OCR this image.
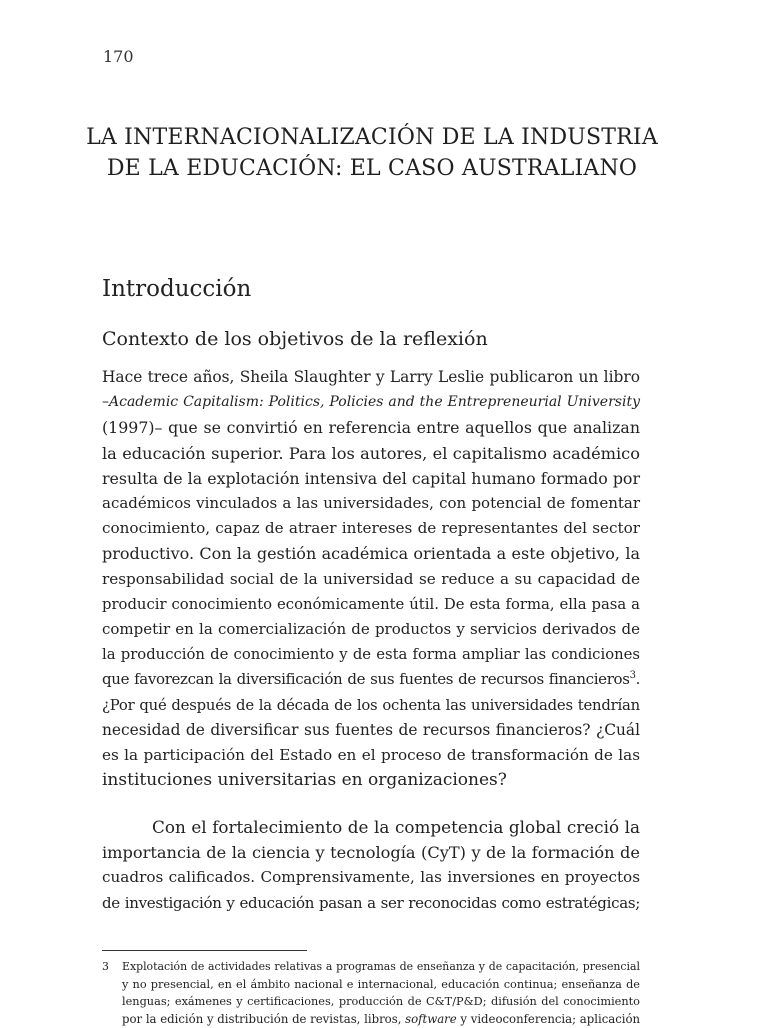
170
LA INTERNACIONALIZACIÓN DE LA INDUSTRIA
DE LA EDUCACIÓN: EL CASO AUSTRALIANO
Introducción
Contexto de los objetivos de la reflexión
Hace trece años, Sheila Slaughter y Larry Leslie publicaron un libro
–Academic Capitalism: Politics, Policies and the Entrepreneurial University
(1997)– que se convirtió en referencia entre aquellos que analizan
la educación superior. Para los autores, el capitalismo académico
resulta de la explotación intensiva del capital humano formado por
académicos vinculados a las universidades, con potencial de fomentar
conocimiento, capaz de atraer intereses de representantes del sector
productivo. Con la gestión académica orientada a este objetivo, la
responsabilidad social de la universidad se reduce a su capacidad de
producir conocimiento económicamente útil. De esta forma, ella pasa a
competir en la comercialización de productos y servicios derivados de
la producción de conocimiento y de esta forma ampliar las condiciones
que favorezcan la diversificación de sus fuentes de recursos financieros$^3$.
¿Por qué después de la década de los ochenta las universidades tendrían
necesidad de diversificar sus fuentes de recursos financieros? ¿Cuál
es la participación del Estado en el proceso de transformación de las
instituciones universitarias en organizaciones?
Con el fortalecimiento de la competencia global creció la
importancia de la ciencia y tecnología (CyT) y de la formación de
cuadros calificados. Comprensivamente, las inversiones en proyectos
de investigación y educación pasan a ser reconocidas como estratégicas;
3 Explotación de actividades relativas a programas de enseñanza y de capacitación, presencial
y no presencial, en el ámbito nacional e internacional, educación continua; enseñanza de
lenguas; exámenes y certificaciones, producción de C&T/P&D; difusión del conocimiento
por la edición y distribución de revistas, libros, software y videoconferencia; aplicación
